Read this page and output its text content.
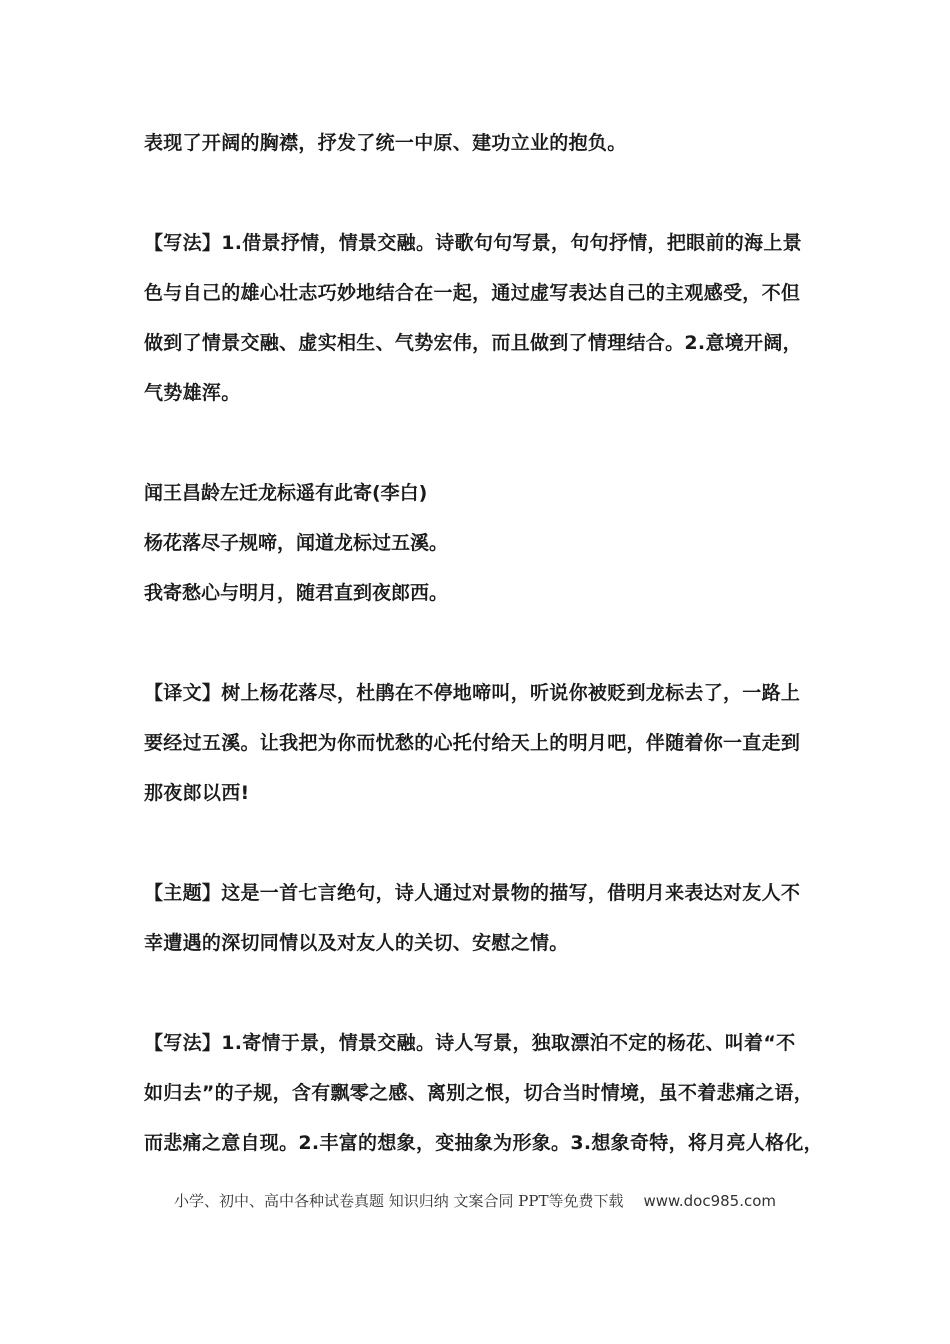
表现了开阔的胸襟，抒发了统一中原、建功立业的抱负。

【写法】1.借景抒情，情景交融。诗歌句句写景，句句抒情，把眼前的海上景

色与自己的雄心壮志巧妙地结合在一起，通过虚写表达自己的主观感受，不但

做到了情景交融、虚实相生、气势宏伟，而且做到了情理结合。2.意境开阔，

气势雄浑。

闻王昌龄左迁龙标遥有此寄(李白)

杨花落尽子规啼，闻道龙标过五溪。

我寄愁心与明月，随君直到夜郎西。

【译文】树上杨花落尽，杜鹃在不停地啼叫，听说你被贬到龙标去了，一路上

要经过五溪。让我把为你而忧愁的心托付给天上的明月吧，伴随着你一直走到

那夜郎以西!

【主题】这是一首七言绝句，诗人通过对景物的描写，借明月来表达对友人不

幸遭遇的深切同情以及对友人的关切、安慰之情。

【写法】1.寄情于景，情景交融。诗人写景，独取漂泊不定的杨花、叫着“不

如归去”的子规，含有飘零之感、离别之恨，切合当时情境，虽不着悲痛之语，

而悲痛之意自现。2.丰富的想象，变抽象为形象。3.想象奇特，将月亮人格化，

小学、初中、高中各种试卷真题 知识归纳 文案合同 PPT等免费下载 www.doc985.com
